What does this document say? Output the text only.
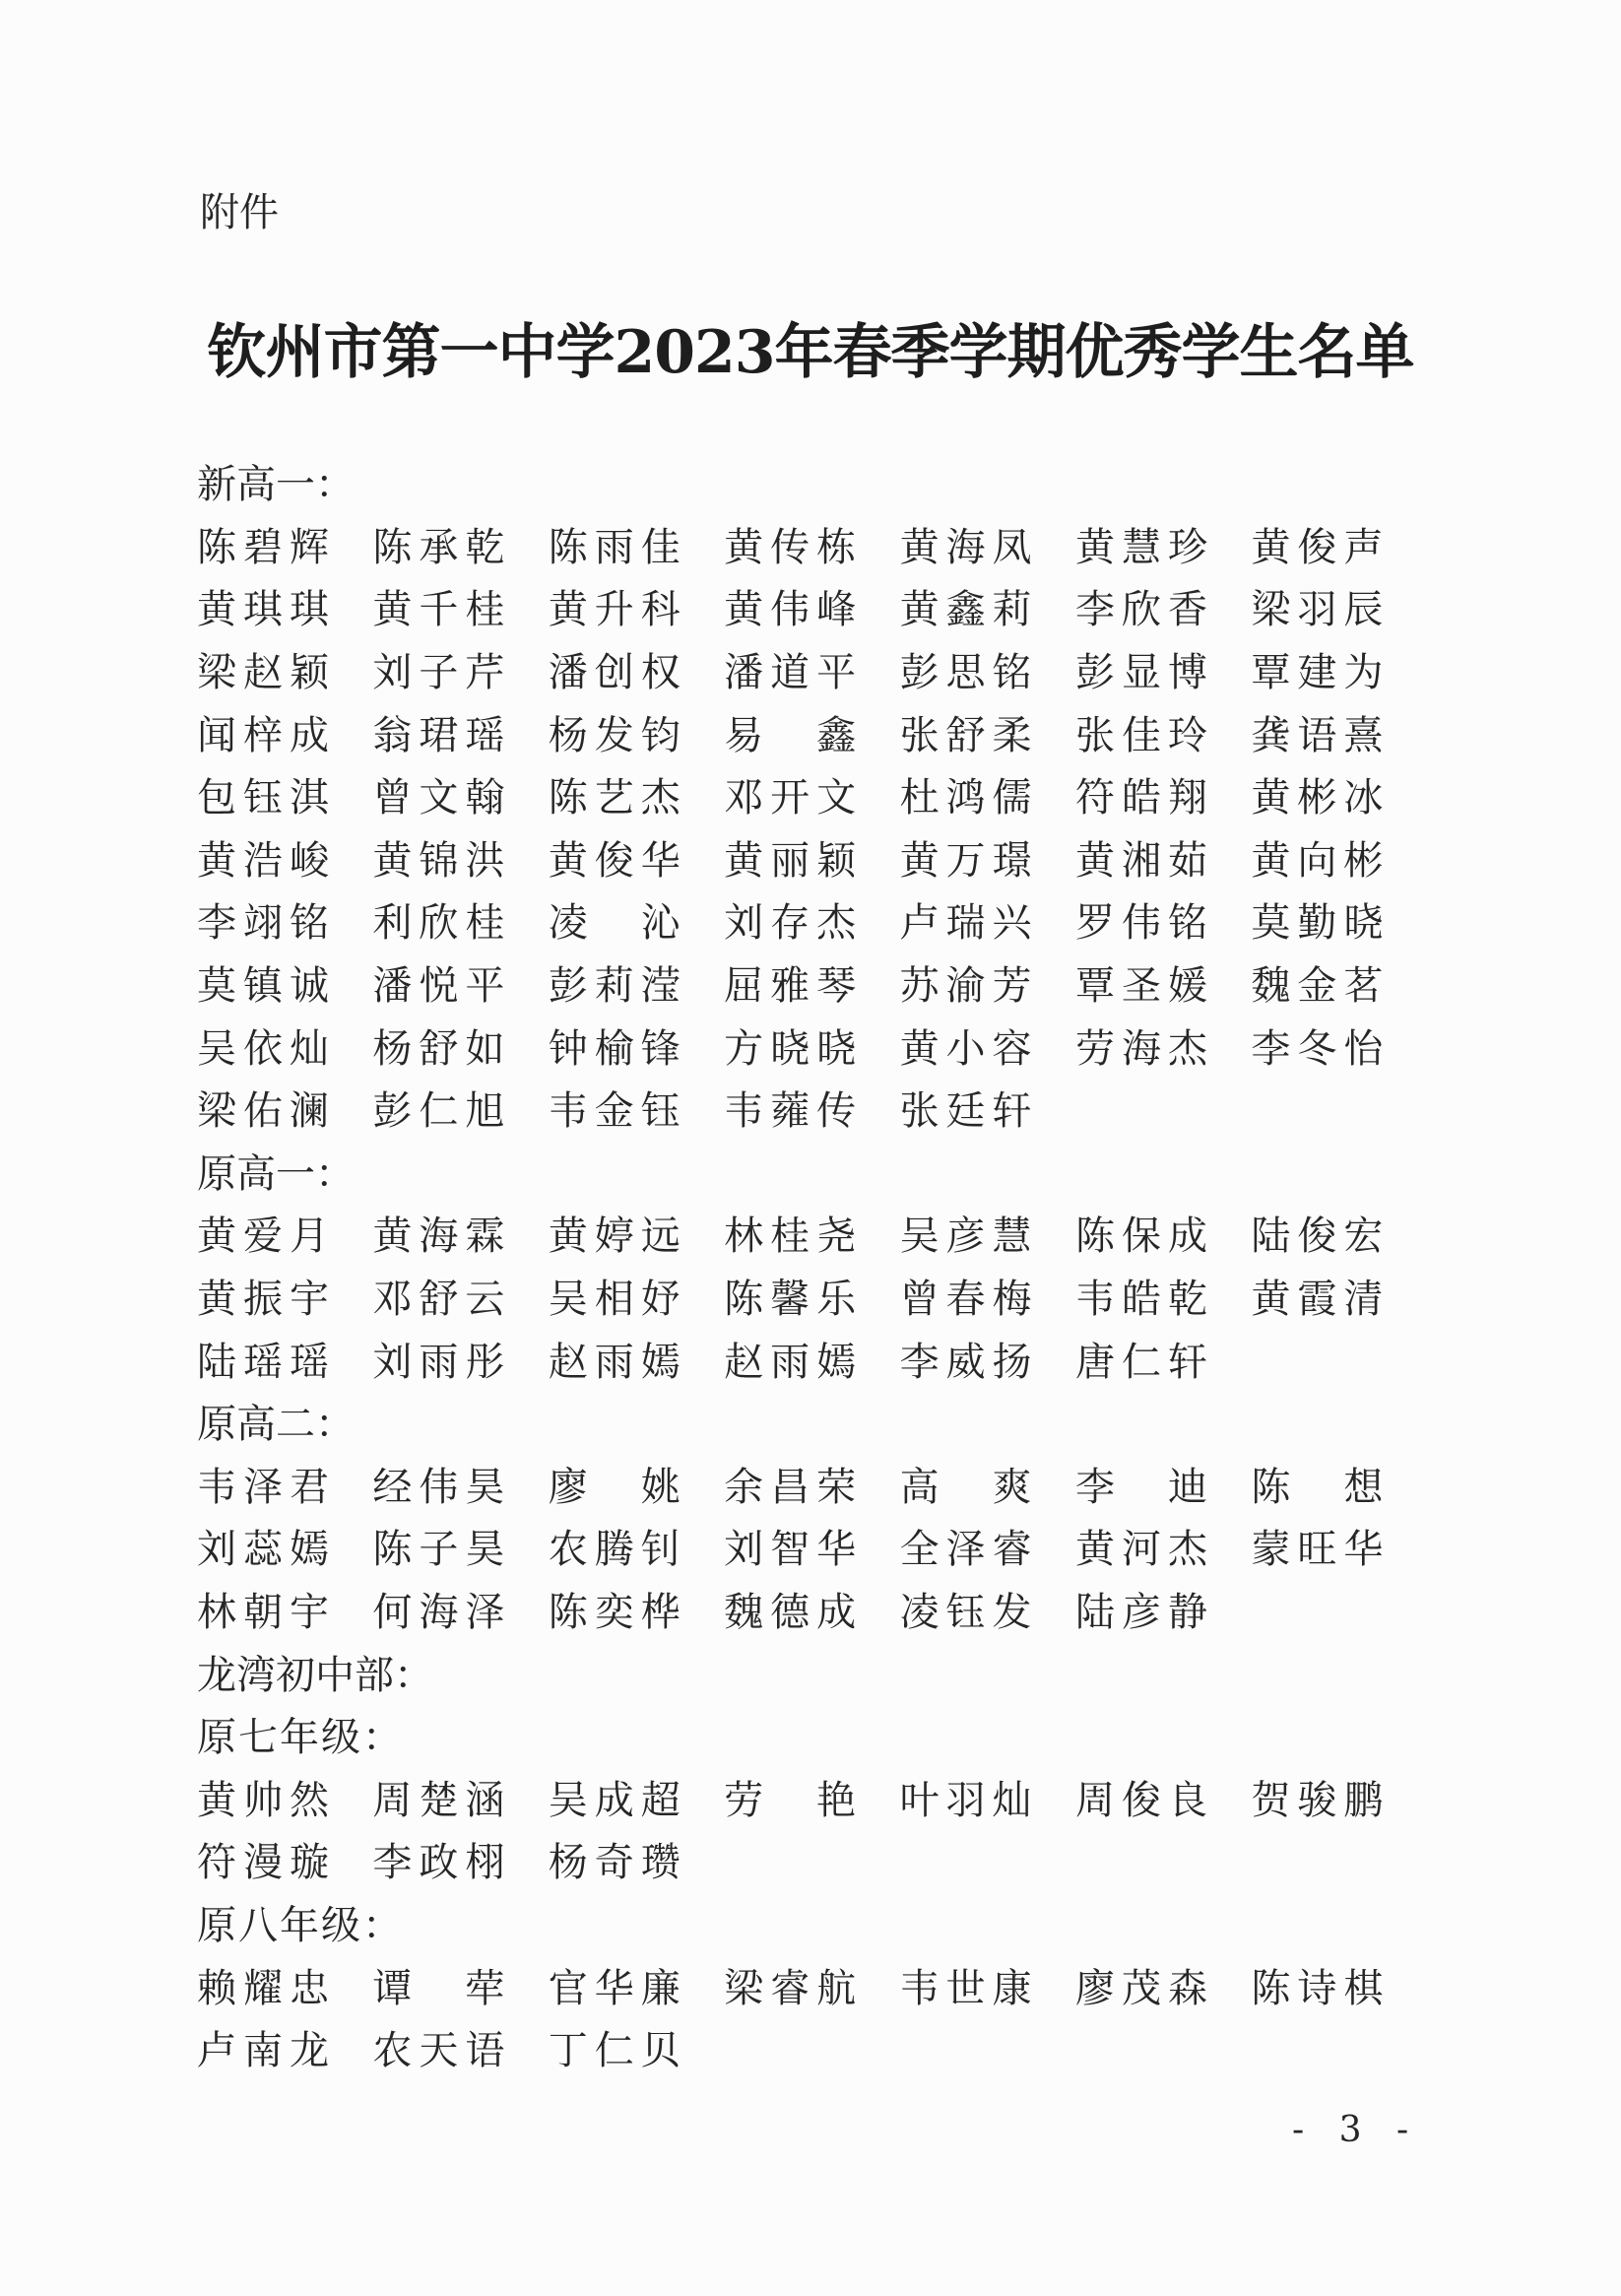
附件
钦州市第一中学2023年春季学期优秀学生名单
新高一：
陈碧辉 陈承乾 陈雨佳 黄传栋 黄海凤 黄慧珍 黄俊声
黄琪琪 黄千桂 黄升科 黄伟峰 黄鑫莉 李欣香 梁羽辰
梁赵颖 刘子芹 潘创权 潘道平 彭思铭 彭显博 覃建为
闻梓成 翁珺瑶 杨发钧 易　鑫 张舒柔 张佳玲 龚语熹
包钰淇 曾文翰 陈艺杰 邓开文 杜鸿儒 符皓翔 黄彬冰
黄浩峻 黄锦洪 黄俊华 黄丽颖 黄万璟 黄湘茹 黄向彬
李翊铭 利欣桂 凌　沁 刘存杰 卢瑞兴 罗伟铭 莫勤晓
莫镇诚 潘悦平 彭莉滢 屈雅琴 苏渝芳 覃圣媛 魏金茗
吴依灿 杨舒如 钟榆锋 方晓晓 黄小容 劳海杰 李冬怡
梁佑澜 彭仁旭 韦金钰 韦蕹传 张廷轩
原高一：
黄爱月 黄海霖 黄婷远 林桂尧 吴彦慧 陈保成 陆俊宏
黄振宇 邓舒云 吴相妤 陈馨乐 曾春梅 韦皓乾 黄霞清
陆瑶瑶 刘雨彤 赵雨嫣 赵雨嫣 李威扬 唐仁轩
原高二：
韦泽君 经伟昊 廖　姚 余昌荣 高　爽 李　迪 陈　想
刘蕊嫣 陈子昊 农腾钊 刘智华 全泽睿 黄河杰 蒙旺华
林朝宇 何海泽 陈奕桦 魏德成 凌钰发 陆彦静
龙湾初中部：
原七年级：
黄帅然 周楚涵 吴成超 劳　艳 叶羽灿 周俊良 贺骏鹏
符漫璇 李政栩 杨奇瓒
原八年级：
赖耀忠 谭　荦 官华廉 梁睿航 韦世康 廖茂森 陈诗棋
卢南龙 农天语 丁仁贝
- 3 -
